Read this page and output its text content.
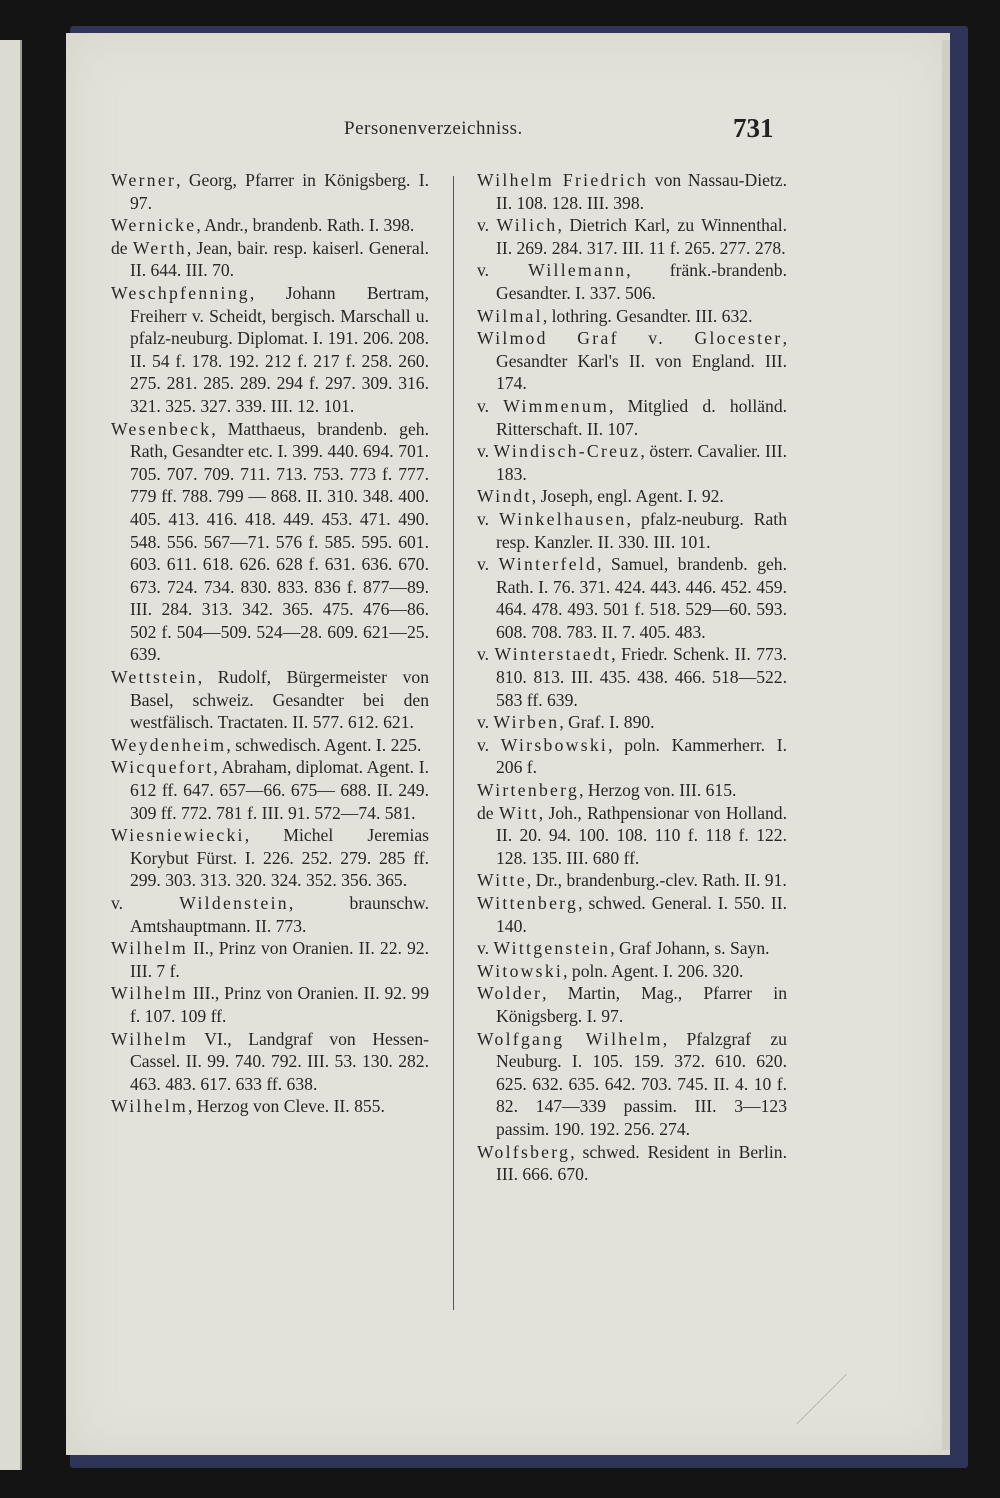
Personenverzeichniss.	731

Werner, Georg, Pfarrer in Königsberg. I. 97.

Wernicke, Andr., brandenb. Rath. I. 398.

de Werth, Jean, bair. resp. kaiserl. General. II. 644. III. 70.

Weschpfenning, Johann Bertram, Freiherr v. Scheidt, bergisch. Marschall u. pfalz-neuburg. Diplomat. I. 191. 206. 208. II. 54 f. 178. 192. 212 f. 217 f. 258. 260. 275. 281. 285. 289. 294 f. 297. 309. 316. 321. 325. 327. 339. III. 12. 101.

Wesenbeck, Matthaeus, brandenb. geh. Rath, Gesandter etc. I. 399. 440. 694. 701. 705. 707. 709. 711. 713. 753. 773 f. 777. 779 ff. 788. 799 — 868. II. 310. 348. 400. 405. 413. 416. 418. 449. 453. 471. 490. 548. 556. 567—71. 576 f. 585. 595. 601. 603. 611. 618. 626. 628 f. 631. 636. 670. 673. 724. 734. 830. 833. 836 f. 877—89. III. 284. 313. 342. 365. 475. 476—86. 502 f. 504—509. 524—28. 609. 621—25. 639.

Wettstein, Rudolf, Bürgermeister von Basel, schweiz. Gesandter bei den westfälisch. Tractaten. II. 577. 612. 621.

Weydenheim, schwedisch. Agent. I. 225.

Wicquefort, Abraham, diplomat. Agent. I. 612 ff. 647. 657—66. 675— 688. II. 249. 309 ff. 772. 781 f. III. 91. 572—74. 581.

Wiesniewiecki, Michel Jeremias Korybut Fürst. I. 226. 252. 279. 285 ff. 299. 303. 313. 320. 324. 352. 356. 365.

v. Wildenstein, braunschw. Amtshauptmann. II. 773.

Wilhelm II., Prinz von Oranien. II. 22. 92. III. 7 f.

Wilhelm III., Prinz von Oranien. II. 92. 99 f. 107. 109 ff.

Wilhelm VI., Landgraf von Hessen-Cassel. II. 99. 740. 792. III. 53. 130. 282. 463. 483. 617. 633 ff. 638.

Wilhelm, Herzog von Cleve. II. 855.

Wilhelm Friedrich von Nassau-Dietz. II. 108. 128. III. 398.

v. Wilich, Dietrich Karl, zu Winnenthal. II. 269. 284. 317. III. 11 f. 265. 277. 278.

v. Willemann, fränk.-brandenb. Gesandter. I. 337. 506.

Wilmal, lothring. Gesandter. III. 632.

Wilmod Graf v. Glocester, Gesandter Karl's II. von England. III. 174.

v. Wimmenum, Mitglied d. holländ. Ritterschaft. II. 107.

v. Windisch-Creuz, österr. Cavalier. III. 183.

Windt, Joseph, engl. Agent. I. 92.

v. Winkelhausen, pfalz-neuburg. Rath resp. Kanzler. II. 330. III. 101.

v. Winterfeld, Samuel, brandenb. geh. Rath. I. 76. 371. 424. 443. 446. 452. 459. 464. 478. 493. 501 f. 518. 529—60. 593. 608. 708. 783. II. 7. 405. 483.

v. Winterstaedt, Friedr. Schenk. II. 773. 810. 813. III. 435. 438. 466. 518—522. 583 ff. 639.

v. Wirben, Graf. I. 890.

v. Wirsbowski, poln. Kammerherr. I. 206 f.

Wirtenberg, Herzog von. III. 615.

de Witt, Joh., Rathpensionar von Holland. II. 20. 94. 100. 108. 110 f. 118 f. 122. 128. 135. III. 680 ff.

Witte, Dr., brandenburg.-clev. Rath. II. 91.

Wittenberg, schwed. General. I. 550. II. 140.

v. Wittgenstein, Graf Johann, s. Sayn.

Witowski, poln. Agent. I. 206. 320.

Wolder, Martin, Mag., Pfarrer in Königsberg. I. 97.

Wolfgang Wilhelm, Pfalzgraf zu Neuburg. I. 105. 159. 372. 610. 620. 625. 632. 635. 642. 703. 745. II. 4. 10 f. 82. 147—339 passim. III. 3—123 passim. 190. 192. 256. 274.

Wolfsberg, schwed. Resident in Berlin. III. 666. 670.
